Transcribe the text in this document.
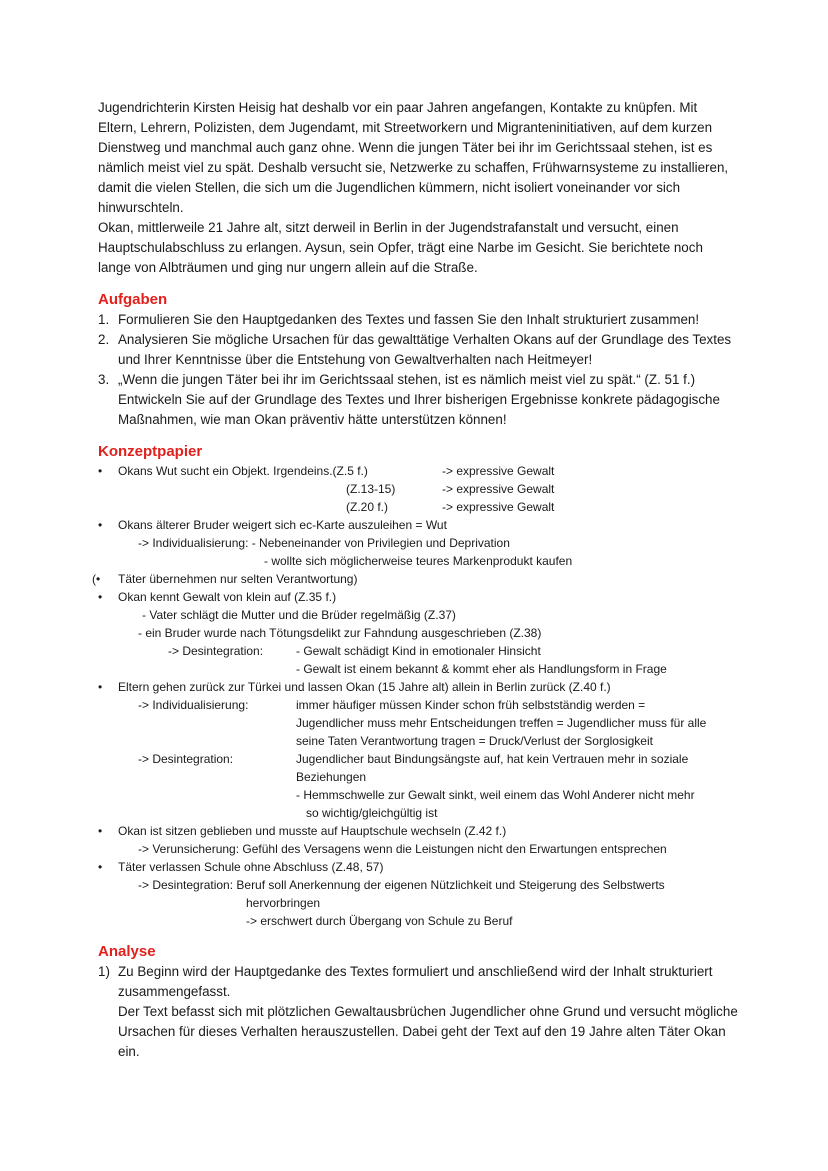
Jugendrichterin Kirsten Heisig hat deshalb vor ein paar Jahren angefangen, Kontakte zu knüpfen. Mit Eltern, Lehrern, Polizisten, dem Jugendamt, mit Streetworkern und Migranteninitiativen, auf dem kurzen Dienstweg und manchmal auch ganz ohne. Wenn die jungen Täter bei ihr im Gerichtssaal stehen, ist es nämlich meist viel zu spät. Deshalb versucht sie, Netzwerke zu schaffen, Frühwarnsysteme zu installieren, damit die vielen Stellen, die sich um die Jugendlichen kümmern, nicht isoliert voneinander vor sich hinwurschteln.

Okan, mittlerweile 21 Jahre alt, sitzt derweil in Berlin in der Jugendstrafanstalt und versucht, einen Hauptschulabschluss zu erlangen. Aysun, sein Opfer, trägt eine Narbe im Gesicht. Sie berichtete noch lange von Albträumen und ging nur ungern allein auf die Straße.

Aufgaben
1. Formulieren Sie den Hauptgedanken des Textes und fassen Sie den Inhalt strukturiert zusammen!
2. Analysieren Sie mögliche Ursachen für das gewalttätige Verhalten Okans auf der Grundlage des Textes und Ihrer Kenntnisse über die Entstehung von Gewaltverhalten nach Heitmeyer!
3. „Wenn die jungen Täter bei ihr im Gerichtssaal stehen, ist es nämlich meist viel zu spät.“ (Z. 51 f.) Entwickeln Sie auf der Grundlage des Textes und Ihrer bisherigen Ergebnisse konkrete pädagogische Maßnahmen, wie man Okan präventiv hätte unterstützen können!
Konzeptpapier
• Okans Wut sucht ein Objekt. Irgendeins.(Z.5 f.)	-> expressive Gewalt
(Z.13-15)	-> expressive Gewalt
(Z.20 f.)	-> expressive Gewalt
• Okans älterer Bruder weigert sich ec-Karte auszuleihen = Wut
-> Individualisierung: - Nebeneinander von Privilegien und Deprivation
- wollte sich möglicherweise teures Markenprodukt kaufen
(• Täter übernehmen nur selten Verantwortung)
• Okan kennt Gewalt von klein auf (Z.35 f.)
- Vater schlägt die Mutter und die Brüder regelmäßig (Z.37)
- ein Bruder wurde nach Tötungsdelikt zur Fahndung ausgeschrieben (Z.38)
-> Desintegration:	- Gewalt schädigt Kind in emotionaler Hinsicht
- Gewalt ist einem bekannt & kommt eher als Handlungsform in Frage
• Eltern gehen zurück zur Türkei und lassen Okan (15 Jahre alt) allein in Berlin zurück (Z.40 f.)
-> Individualisierung:	immer häufiger müssen Kinder schon früh selbstständig werden =
Jugendlicher muss mehr Entscheidungen treffen = Jugendlicher muss für alle
seine Taten Verantwortung tragen = Druck/Verlust der Sorglosigkeit
-> Desintegration:	Jugendlicher baut Bindungsängste auf, hat kein Vertrauen mehr in soziale
Beziehungen
- Hemmschwelle zur Gewalt sinkt, weil einem das Wohl Anderer nicht mehr
so wichtig/gleichgültig ist
• Okan ist sitzen geblieben und musste auf Hauptschule wechseln (Z.42 f.)
-> Verunsicherung: Gefühl des Versagens wenn die Leistungen nicht den Erwartungen entsprechen
• Täter verlassen Schule ohne Abschluss (Z.48, 57)
-> Desintegration: Beruf soll Anerkennung der eigenen Nützlichkeit und Steigerung des Selbstwerts
hervorbringen
-> erschwert durch Übergang von Schule zu Beruf
Analyse
1) Zu Beginn wird der Hauptgedanke des Textes formuliert und anschließend wird der Inhalt strukturiert zusammengefasst.

Der Text befasst sich mit plötzlichen Gewaltausbrüchen Jugendlicher ohne Grund und versucht mögliche Ursachen für dieses Verhalten herauszustellen. Dabei geht der Text auf den 19 Jahre alten Täter Okan ein.
